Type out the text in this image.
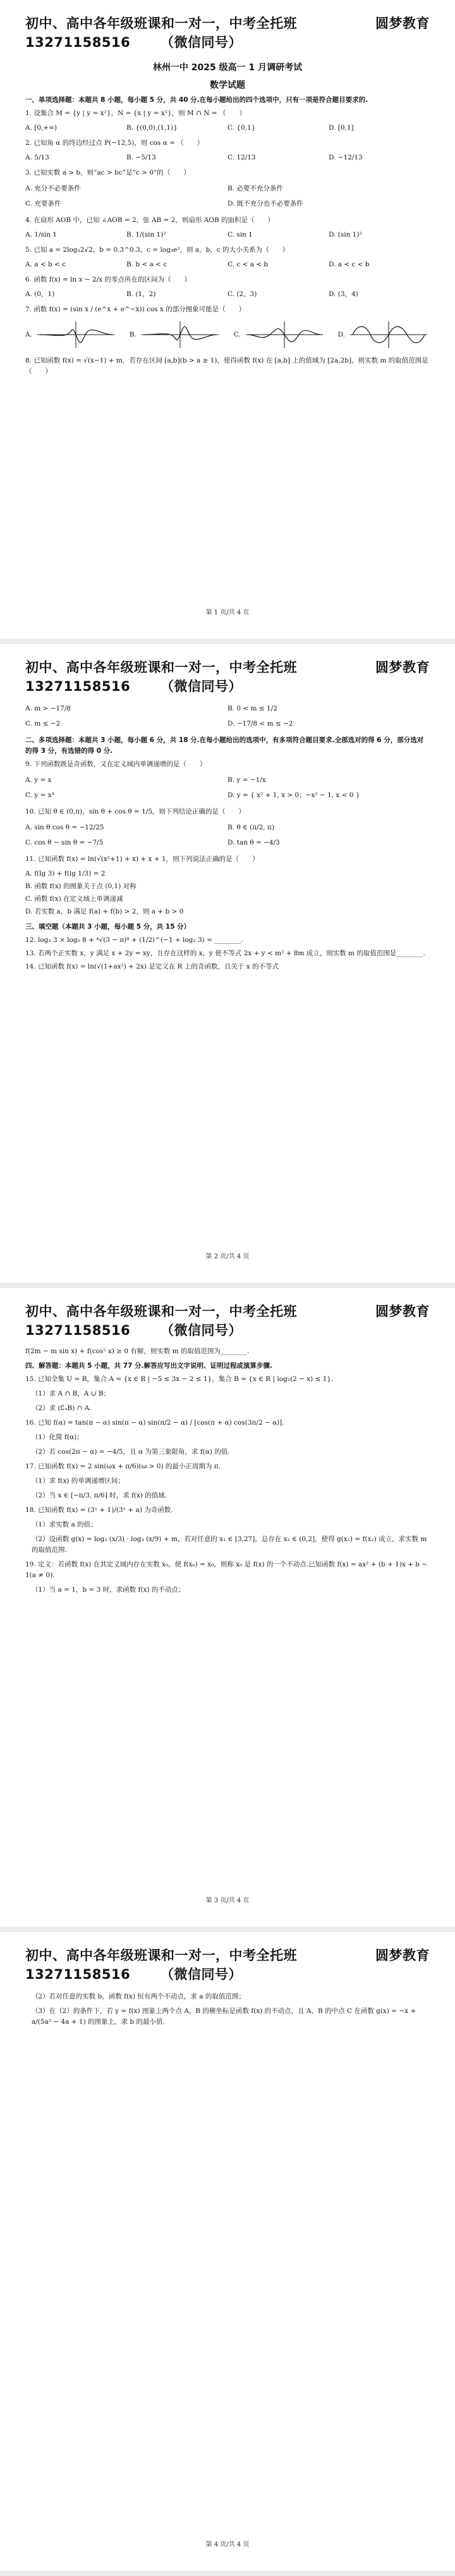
初中、高中各年级班课和一对一，中考全托班	圆梦教育
13271158516 （微信同号）
林州一中 2025 级高一 1 月调研考试
数学试题
一、单项选择题：本题共 8 小题，每小题 5 分，共 40 分.在每小题给出的四个选项中，只有一项是符合题目要求的.
1. 设集合 M = {y | y = x²}，N = {x | y = x²}，则 M ∩ N = （　　）
A. [0,+∞)	B. {(0,0),(1,1)}	C. {0,1}	D. [0,1]
2. 已知角 α 的终边经过点 P(−12,5)，则 cos α = （　　）
A. 5/13	B. −5/13	C. 12/13	D. −12/13
3. 已知实数 a > b，则“ac > bc”是“c > 0”的（　　）
A. 充分不必要条件	B. 必要不充分条件
C. 充要条件	D. 既不充分也不必要条件
4. 在扇形 AOB 中，已知 ∠AOB = 2，弦 AB = 2，则扇形 AOB 的面积是（　　）
A. 1/sin 1	B. 1/(sin 1)²	C. sin 1	D. (sin 1)²
5. 已知 a = 2log₃2√2，b = 0.3^0.3，c = log₃e²，则 a，b，c 的大小关系为（　　）
A. a < b < c	B. b < a < c	C. c < a < b	D. a < c < b
6. 函数 f(x) = ln x − 2/x 的零点所在的区间为（　　）
A. (0，1)	B. (1，2)	C. (2，3)	D. (3，4)
7. 函数 f(x) = (sin x / (e^x + e^−x)) cos x 的部分图象可能是（　　）
A.	B.	C.	D.
8. 已知函数 f(x) = √(x−1) + m，若存在区间 [a,b](b > a ≥ 1)，使得函数 f(x) 在 [a,b] 上的值域为 [2a,2b]，则实数 m 的取值范围是（　　）
第 1 页/共 4 页
初中、高中各年级班课和一对一，中考全托班	圆梦教育
13271158516 （微信同号）
A. m > −17/8	B. 0 < m ≤ 1/2
C. m ≤ −2	D. −17/8 < m ≤ −2
二、多项选择题：本题共 3 小题，每小题 6 分，共 18 分.在每小题给出的选项中，有多项符合题目要求.全部选对的得 6 分，部分选对的得 3 分，有选错的得 0 分.
9. 下列函数既是奇函数，又在定义域内单调递增的是（　　）
A. y = x	B. y = −1/x
C. y = x³	D. y = { x² + 1, x > 0；−x² − 1, x < 0 }
10. 已知 θ ∈ (0,π)，sin θ + cos θ = 1/5，则下列结论正确的是（　　）
A. sin θ cos θ = −12/25	B. θ ∈ (π/2, π)
C. cos θ − sin θ = −7/5	D. tan θ = −4/3
11. 已知函数 f(x) = ln(√(x²+1) + x) + x + 1，则下列说法正确的是（　　）
A. f(lg 3) + f(lg 1/3) = 2
B. 函数 f(x) 的图象关于点 (0,1) 对称
C. 函数 f(x) 在定义域上单调递减
D. 若实数 a，b 满足 f(a) + f(b) > 2，则 a + b > 0
三、填空题（本题共 3 小题，每小题 5 分，共 15 分）
12. log₃ 3 × log₂ 8 + ⁴√(3 − π)⁴ + (1/2)^(−1 + log₂ 3) = ________.
13. 若两个正实数 x，y 满足 x + 2y = xy，且存在这样的 x，y 使不等式 2x + y < m² + 8m 成立，则实数 m 的取值范围是________.
14. 已知函数 f(x) = ln(√(1+ax²) + 2x) 是定义在 R 上的奇函数，且关于 x 的不等式
第 2 页/共 4 页
初中、高中各年级班课和一对一，中考全托班	圆梦教育
13271158516 （微信同号）
f(2m − m sin x) + f(cos² x) ≥ 0 有解，则实数 m 的取值范围为________.
四、解答题：本题共 5 小题，共 77 分.解答应写出文字说明、证明过程或演算步骤.
15. 已知全集 U = R，集合 A = {x ∈ R | −5 ≤ 3x − 2 ≤ 1}，集合 B = {x ∈ R | log₂(2 − x) ≤ 1}.
（1）求 A ∩ B，A ∪ B；
（2）求 (∁ᵤB) ∩ A.
16. 已知 f(α) = tan(π − α) sin(π − α) sin(π/2 − α) / [cos(π + α) cos(3π/2 − α)].
（1）化简 f(α)；
（2）若 cos(2π − α) = −4/5，且 α 为第三象限角，求 f(α) 的值.
17. 已知函数 f(x) = 2 sin(ωx + π/6)(ω > 0) 的最小正周期为 π.
（1）求 f(x) 的单调递增区间；
（2）当 x ∈ [−π/3, π/6] 时，求 f(x) 的值域.
18. 已知函数 f(x) = (3ˣ + 1)/(3ˣ + a) 为奇函数.
（1）求实数 a 的值；
（2）设函数 g(x) = log₃ (x/3) · log₃ (x/9) + m，若对任意的 x₁ ∈ [3,27]，总存在 x₂ ∈ (0,2]，使得 g(x₁) = f(x₂) 成立，求实数 m 的取值范围.
19. 定义：若函数 f(x) 在其定义域内存在实数 x₀，使 f(x₀) = x₀，则称 x₀ 是 f(x) 的一个不动点.已知函数 f(x) = ax² + (b + 1)x + b − 1(a ≠ 0).
（1）当 a = 1，b = 3 时，求函数 f(x) 的不动点；
第 3 页/共 4 页
初中、高中各年级班课和一对一，中考全托班	圆梦教育
13271158516 （微信同号）
（2）若对任意的实数 b，函数 f(x) 恒有两个不动点，求 a 的取值范围；
（3）在（2）的条件下，若 y = f(x) 图象上两个点 A，B 的横坐标是函数 f(x) 的不动点，且 A，B 的中点 C 在函数 g(x) = −x + a/(5a² − 4a + 1) 的图象上，求 b 的最小值.
第 4 页/共 4 页
